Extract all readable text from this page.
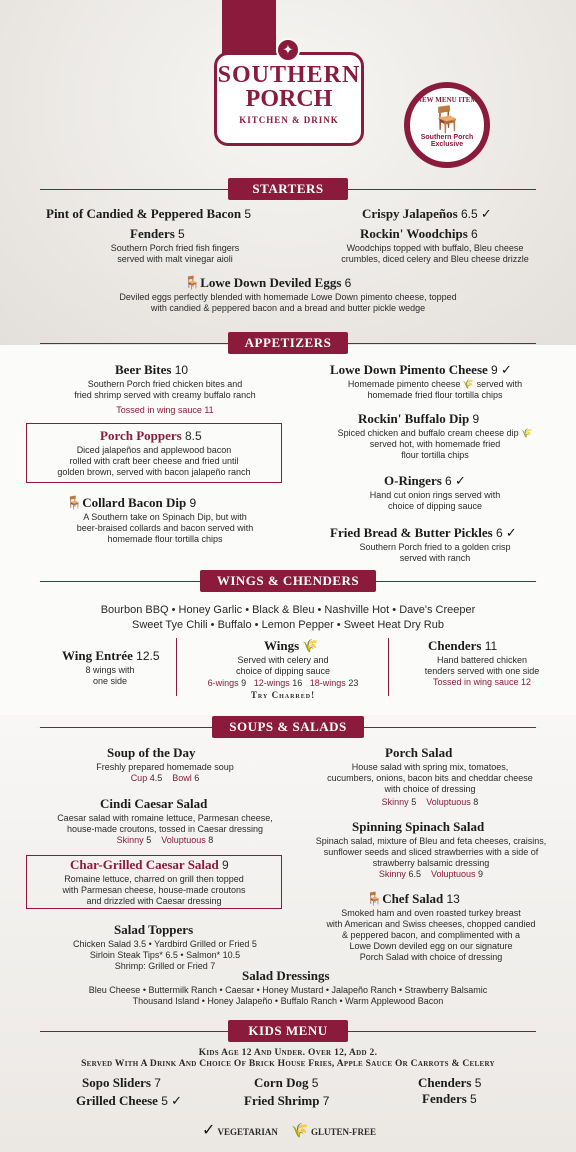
SOUTHERN
PORCH
KITCHEN & DRINK
✦
NEW MENU ITEM
🪑
Southern Porch Exclusive
STARTERS
Pint of Candied & Peppered Bacon 5	Crispy Jalapeños 6.5 ✓
Fenders 5
Southern Porch fried fish fingers
served with malt vinegar aioli
Rockin' Woodchips 6
Woodchips topped with buffalo, Bleu cheese
crumbles, diced celery and Bleu cheese drizzle
🪑Lowe Down Deviled Eggs 6
Deviled eggs perfectly blended with homemade Lowe Down pimento cheese, topped
with candied & peppered bacon and a bread and butter pickle wedge
APPETIZERS
Beer Bites 10
Southern Porch fried chicken bites and
fried shrimp served with creamy buffalo ranch
Tossed in wing sauce 11
Lowe Down Pimento Cheese 9 ✓
Homemade pimento cheese 🌾 served with
homemade fried flour tortilla chips
Porch Poppers 8.5
Diced jalapeños and applewood bacon
rolled with craft beer cheese and fried until
golden brown, served with bacon jalapeño ranch
Rockin' Buffalo Dip 9
Spiced chicken and buffalo cream cheese dip 🌾
served hot, with homemade fried
flour tortilla chips
O-Ringers 6 ✓
Hand cut onion rings served with
choice of dipping sauce
🪑Collard Bacon Dip 9
A Southern take on Spinach Dip, but with
beer-braised collards and bacon served with
homemade flour tortilla chips	Fried Bread & Butter Pickles 6 ✓
Southern Porch fried to a golden crisp
served with ranch
WINGS & CHENDERS
Bourbon BBQ • Honey Garlic • Black & Bleu • Nashville Hot • Dave's Creeper
Sweet Tye Chili • Buffalo • Lemon Pepper • Sweet Heat Dry Rub
Wing Entrée 12.5
8 wings with
one side
Wings 🌾
Served with celery and
choice of dipping sauce
6-wings 9 12-wings 16 18-wings 23
Try Charred!
Chenders 11
Hand battered chicken
tenders served with one side
Tossed in wing sauce 12
SOUPS & SALADS
Soup of the Day
Freshly prepared homemade soup
Cup 4.5 Bowl 6
Porch Salad
House salad with spring mix, tomatoes,
cucumbers, onions, bacon bits and cheddar cheese
with choice of dressing
Skinny 5 Voluptuous 8
Cindi Caesar Salad
Caesar salad with romaine lettuce, Parmesan cheese,
house-made croutons, tossed in Caesar dressing
Skinny 5 Voluptuous 8
Spinning Spinach Salad
Spinach salad, mixture of Bleu and feta cheeses, craisins,
sunflower seeds and sliced strawberries with a side of
strawberry balsamic dressing
Skinny 6.5 Voluptuous 9
Char-Grilled Caesar Salad 9
Romaine lettuce, charred on grill then topped
with Parmesan cheese, house-made croutons
and drizzled with Caesar dressing	🪑Chef Salad 13
Smoked ham and oven roasted turkey breast
with American and Swiss cheeses, chopped candied
& peppered bacon, and complimented with a
Lowe Down deviled egg on our signature
Porch Salad with choice of dressing
Salad Toppers
Chicken Salad 3.5 • Yardbird Grilled or Fried 5
Sirloin Steak Tips* 6.5 • Salmon* 10.5
Shrimp: Grilled or Fried 7
Salad Dressings
Bleu Cheese • Buttermilk Ranch • Caesar • Honey Mustard • Jalapeño Ranch • Strawberry Balsamic
Thousand Island • Honey Jalapeño • Buffalo Ranch • Warm Applewood Bacon
KIDS MENU
Kids Age 12 And Under. Over 12, Add 2.
Served With A Drink And Choice Of Brick House Fries, Apple Sauce Or Carrots & Celery
Sopo Sliders 7	Corn Dog 5	Chenders 5
Grilled Cheese 5 ✓	Fried Shrimp 7	Fenders 5
✓ VEGETARIAN 🌾 GLUTEN-FREE
